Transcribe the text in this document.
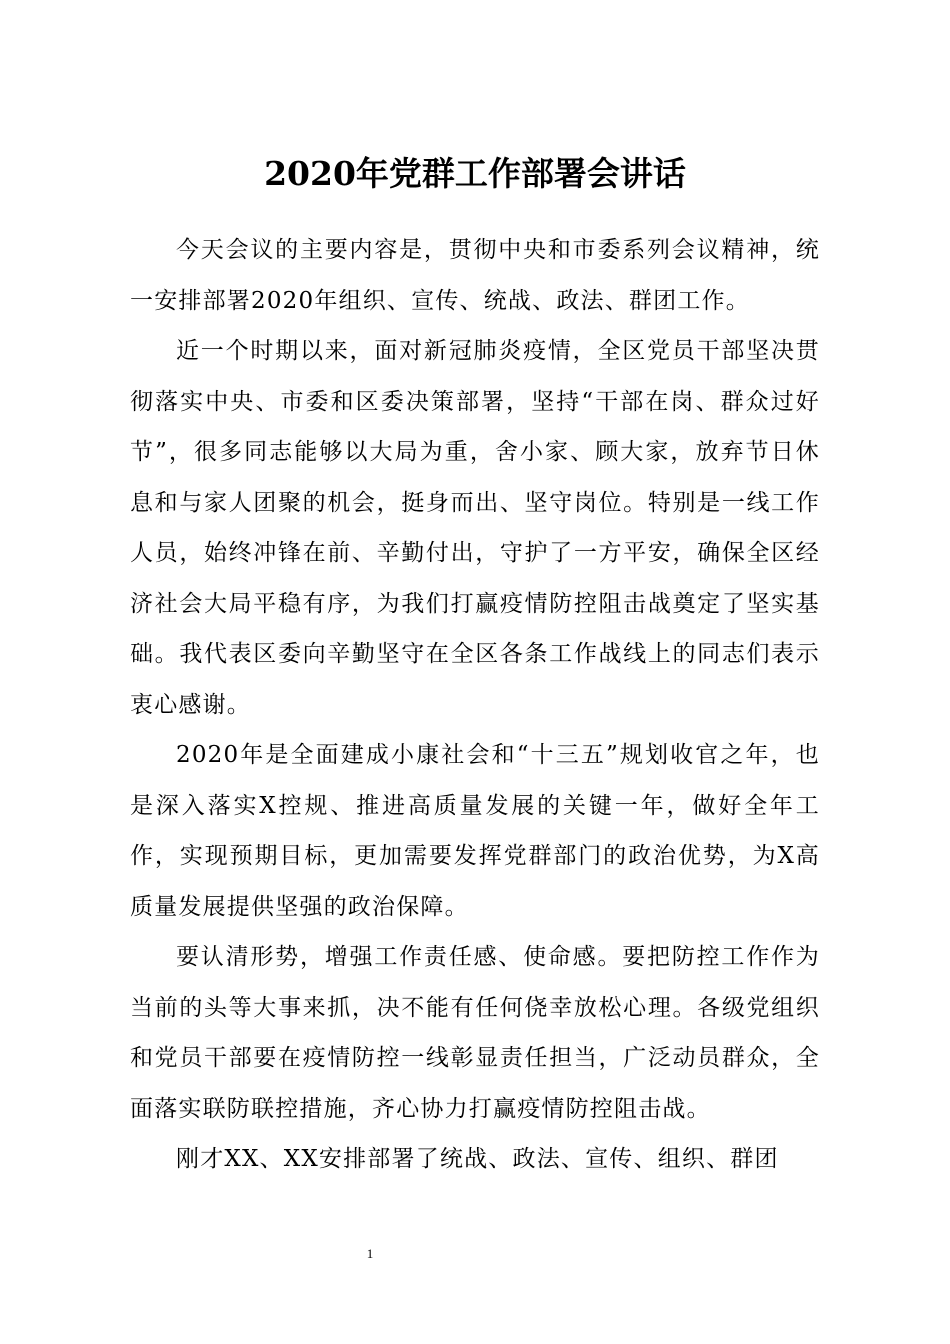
2020年党群工作部署会讲话

今天会议的主要内容是，贯彻中央和市委系列会议精神，统一安排部署2020年组织、宣传、统战、政法、群团工作。

近一个时期以来，面对新冠肺炎疫情，全区党员干部坚决贯彻落实中央、市委和区委决策部署，坚持“干部在岗、群众过好节”，很多同志能够以大局为重，舍小家、顾大家，放弃节日休息和与家人团聚的机会，挺身而出、坚守岗位。特别是一线工作人员，始终冲锋在前、辛勤付出，守护了一方平安，确保全区经济社会大局平稳有序，为我们打赢疫情防控阻击战奠定了坚实基础。我代表区委向辛勤坚守在全区各条工作战线上的同志们表示衷心感谢。

2020年是全面建成小康社会和“十三五”规划收官之年，也是深入落实X控规、推进高质量发展的关键一年，做好全年工作，实现预期目标，更加需要发挥党群部门的政治优势，为X高质量发展提供坚强的政治保障。

要认清形势，增强工作责任感、使命感。要把防控工作作为当前的头等大事来抓，决不能有任何侥幸放松心理。各级党组织和党员干部要在疫情防控一线彰显责任担当，广泛动员群众，全面落实联防联控措施，齐心协力打赢疫情防控阻击战。

刚才XX、XX安排部署了统战、政法、宣传、组织、群团

1
